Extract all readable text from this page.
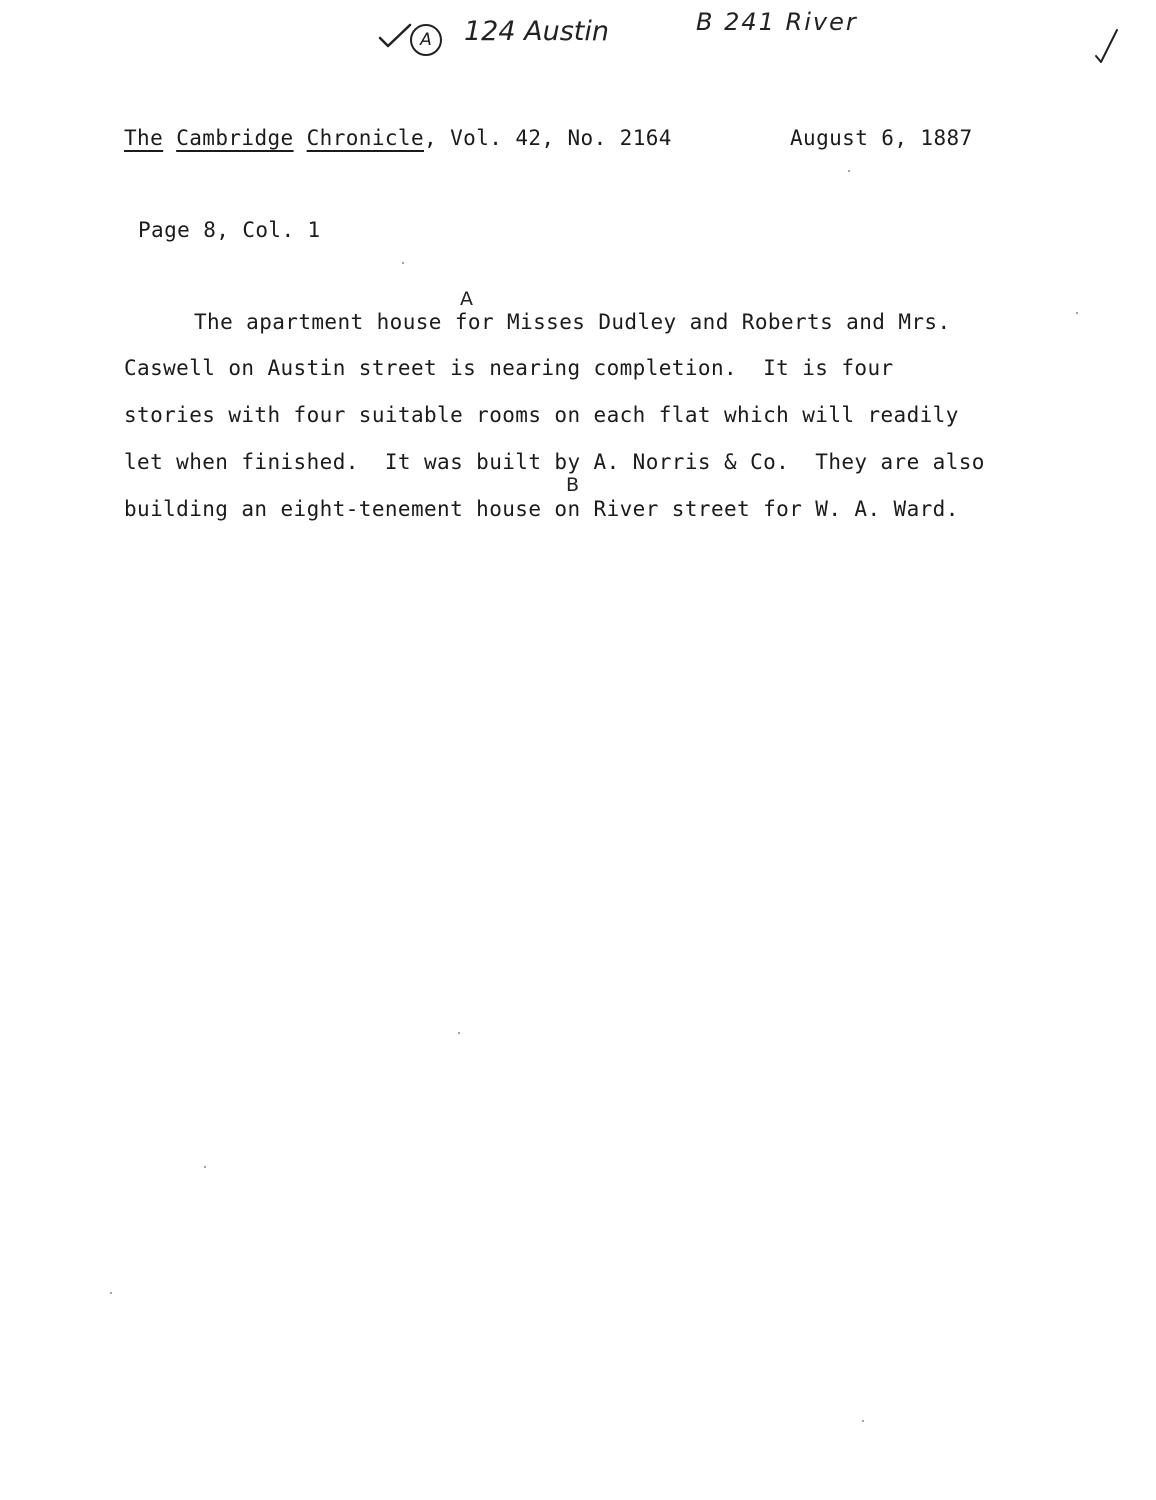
A	124 Austin	B 241 River
The Cambridge Chronicle, Vol. 42, No. 2164	August 6, 1887
Page 8, Col. 1
A
B
The apartment house for Misses Dudley and Roberts and Mrs.
Caswell on Austin street is nearing completion.  It is four
stories with four suitable rooms on each flat which will readily
let when finished.  It was built by A. Norris & Co.  They are also
building an eight-tenement house on River street for W. A. Ward.
